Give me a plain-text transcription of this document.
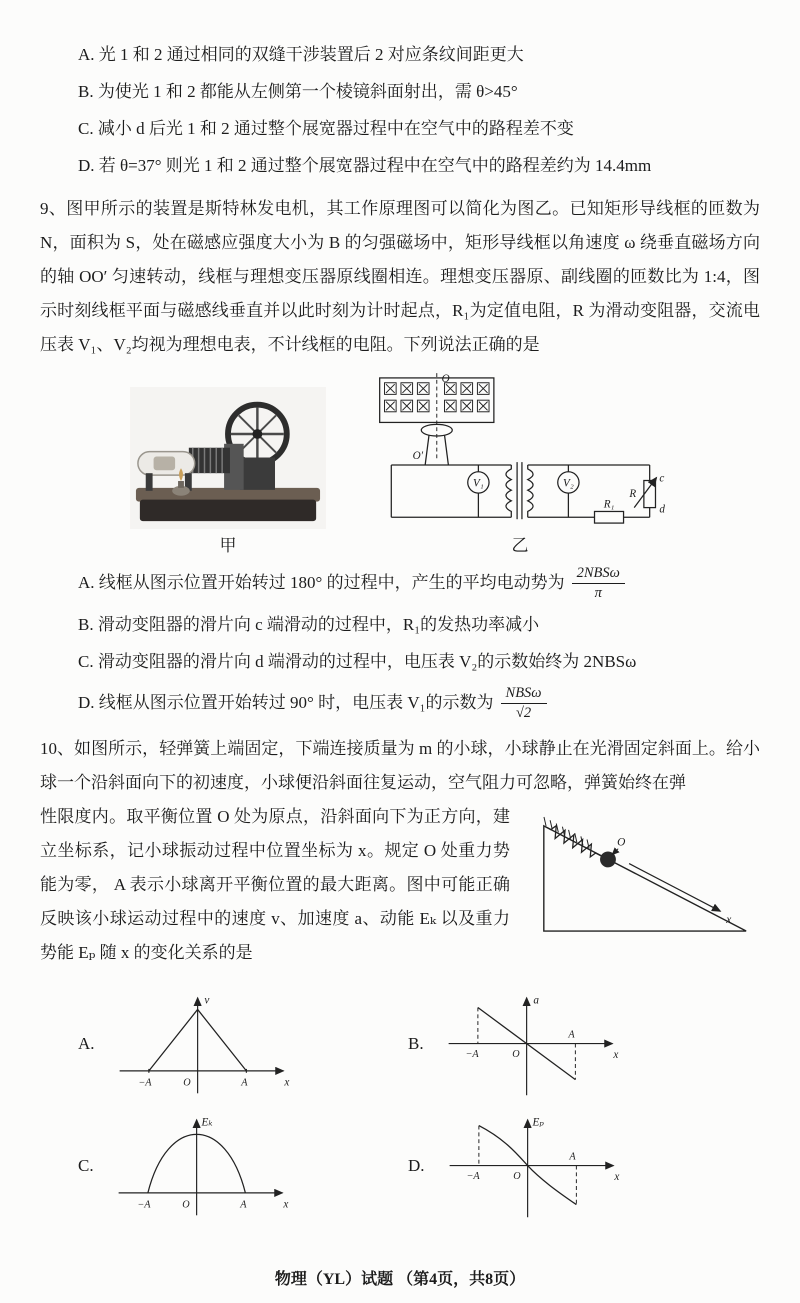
A. 光 1 和 2 通过相同的双缝干涉装置后 2 对应条纹间距更大

B. 为使光 1 和 2 都能从左侧第一个棱镜斜面射出，需 θ>45°

C. 减小 d 后光 1 和 2 通过整个展宽器过程中在空气中的路程差不变

D. 若 θ=37° 则光 1 和 2 通过整个展宽器过程中在空气中的路程差约为 14.4mm

9、图甲所示的装置是斯特林发电机，其工作原理图可以简化为图乙。已知矩形导线框的匝数为 N，面积为 S，处在磁感应强度大小为 B 的匀强磁场中，矩形导线框以角速度 ω 绕垂直磁场方向的轴 OO′ 匀速转动，线框与理想变压器原线圈相连。理想变压器原、副线圈的匝数比为 1:4，图示时刻线框平面与磁感线垂直并以此时刻为计时起点，R₁为定值电阻，R 为滑动变阻器，交流电压表 V₁、V₂均视为理想电表，不计线框的电阻。下列说法正确的是

甲
O
O′
V₁	V₂
R₁
R
c
d
乙

A. 线框从图示位置开始转过 180° 的过程中，产生的平均电动势为 $\frac{\text{2NBSω}}{\pi}$

B. 滑动变阻器的滑片向 c 端滑动的过程中，R₁的发热功率减小

C. 滑动变阻器的滑片向 d 端滑动的过程中，电压表 V₂的示数始终为 2NBSω

D. 线框从图示位置开始转过 90° 时，电压表 V₁的示数为 $\frac{\text{NBSω}}{√2}$

10、如图所示，轻弹簧上端固定，下端连接质量为 m 的小球，小球静止在光滑固定斜面上。给小球一个沿斜面向下的初速度，小球便沿斜面往复运动，空气阻力可忽略，弹簧始终在弹

O
x

性限度内。取平衡位置 O 处为原点，沿斜面向下为正方向，建立坐标系，记小球振动过程中位置坐标为 x。规定 O 处重力势能为零， A 表示小球离开平衡位置的最大距离。图中可能正确反映该小球运动过程中的速度 v、加速度 a、动能 Eₖ 以及重力势能 Eₚ 随 x 的变化关系的是

A.
v
x
−A	O	A
B.
a
x
−A	O
A
C.
Eₖ
x
−A	O	A
D.
Eₚ
x
−A	O
A
物理（YL）试题 （第4页，共8页）
